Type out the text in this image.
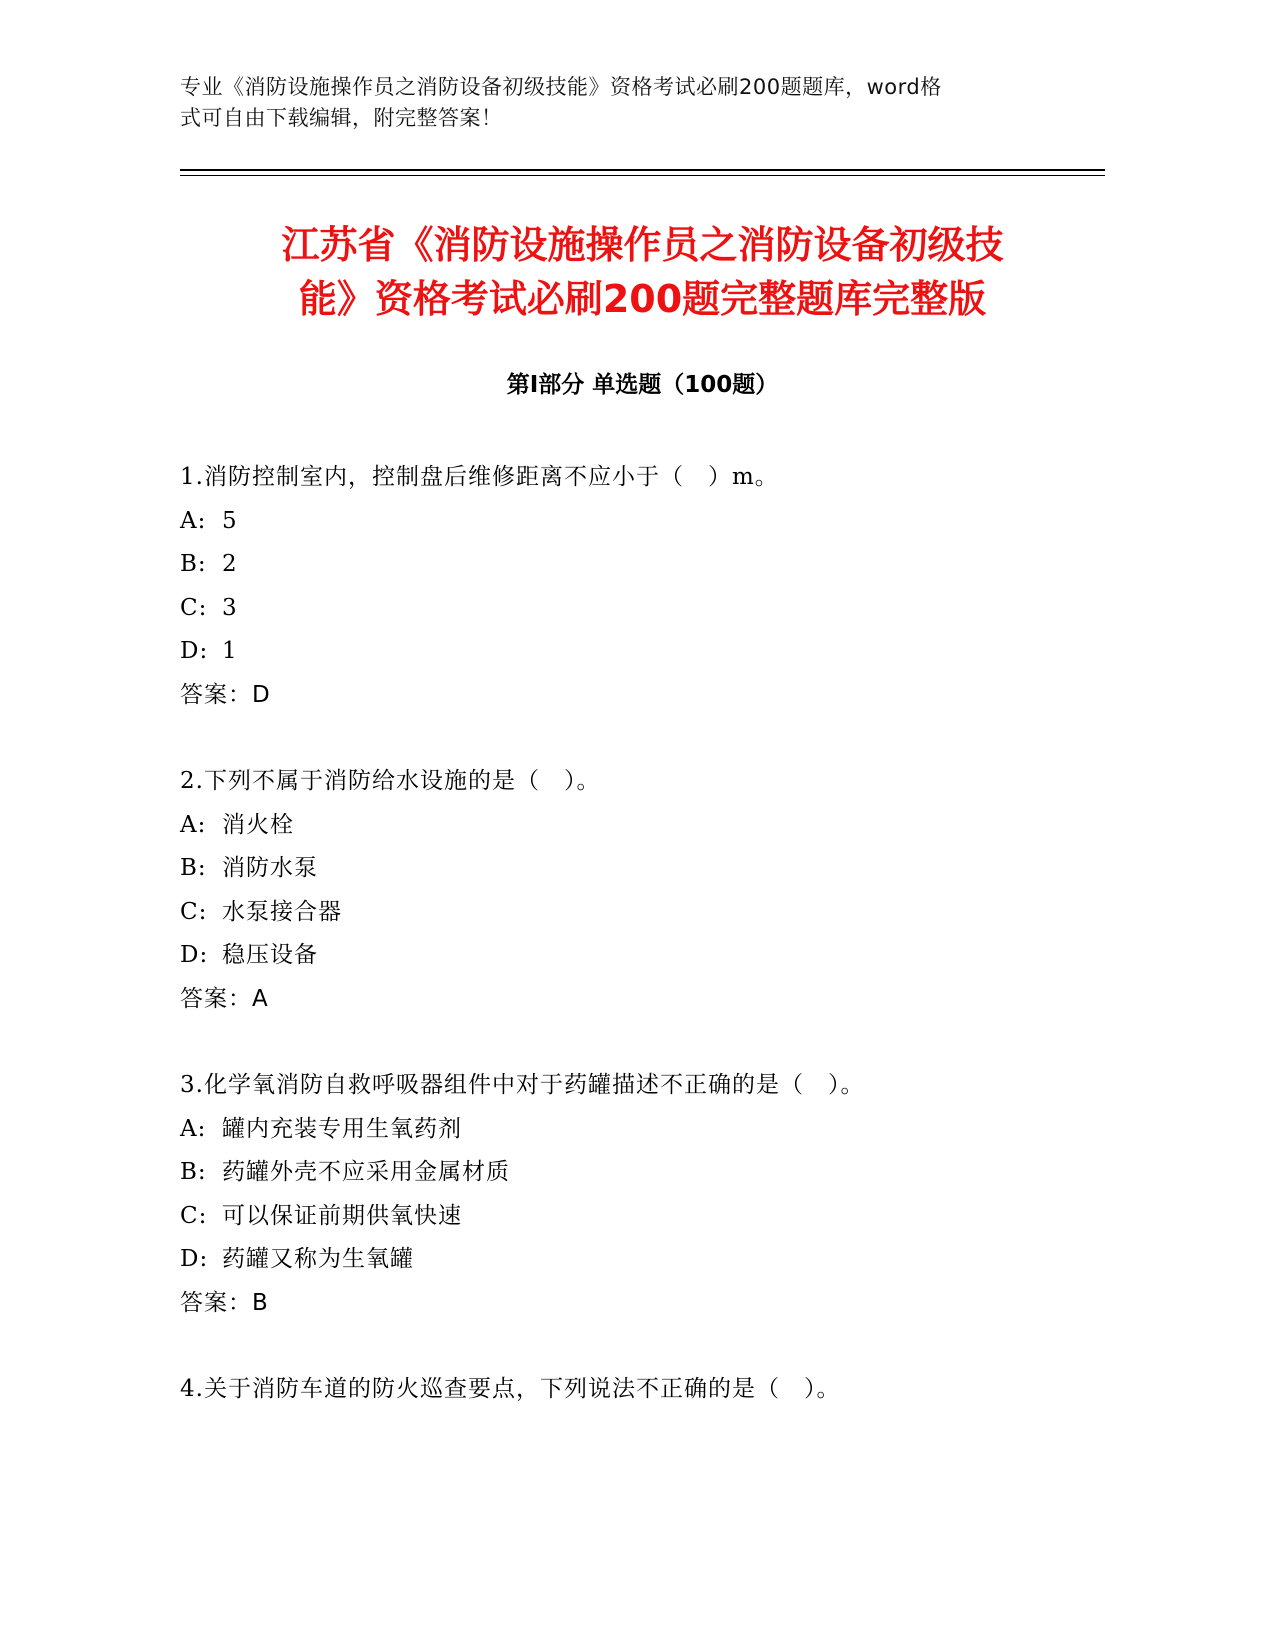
专业《消防设施操作员之消防设备初级技能》资格考试必刷200题题库，word格
式可自由下载编辑，附完整答案！
江苏省《消防设施操作员之消防设备初级技
能》资格考试必刷200题完整题库完整版
第Ⅰ部分 单选题（100题）
1.消防控制室内，控制盘后维修距离不应小于（　）m。
A: 5
B: 2
C: 3
D: 1
答案：D
2.下列不属于消防给水设施的是（　）。
A: 消火栓
B: 消防水泵
C: 水泵接合器
D: 稳压设备
答案：A
3.化学氧消防自救呼吸器组件中对于药罐描述不正确的是（　）。
A: 罐内充装专用生氧药剂
B: 药罐外壳不应采用金属材质
C: 可以保证前期供氧快速
D: 药罐又称为生氧罐
答案：B
4.关于消防车道的防火巡查要点，下列说法不正确的是（　）。
